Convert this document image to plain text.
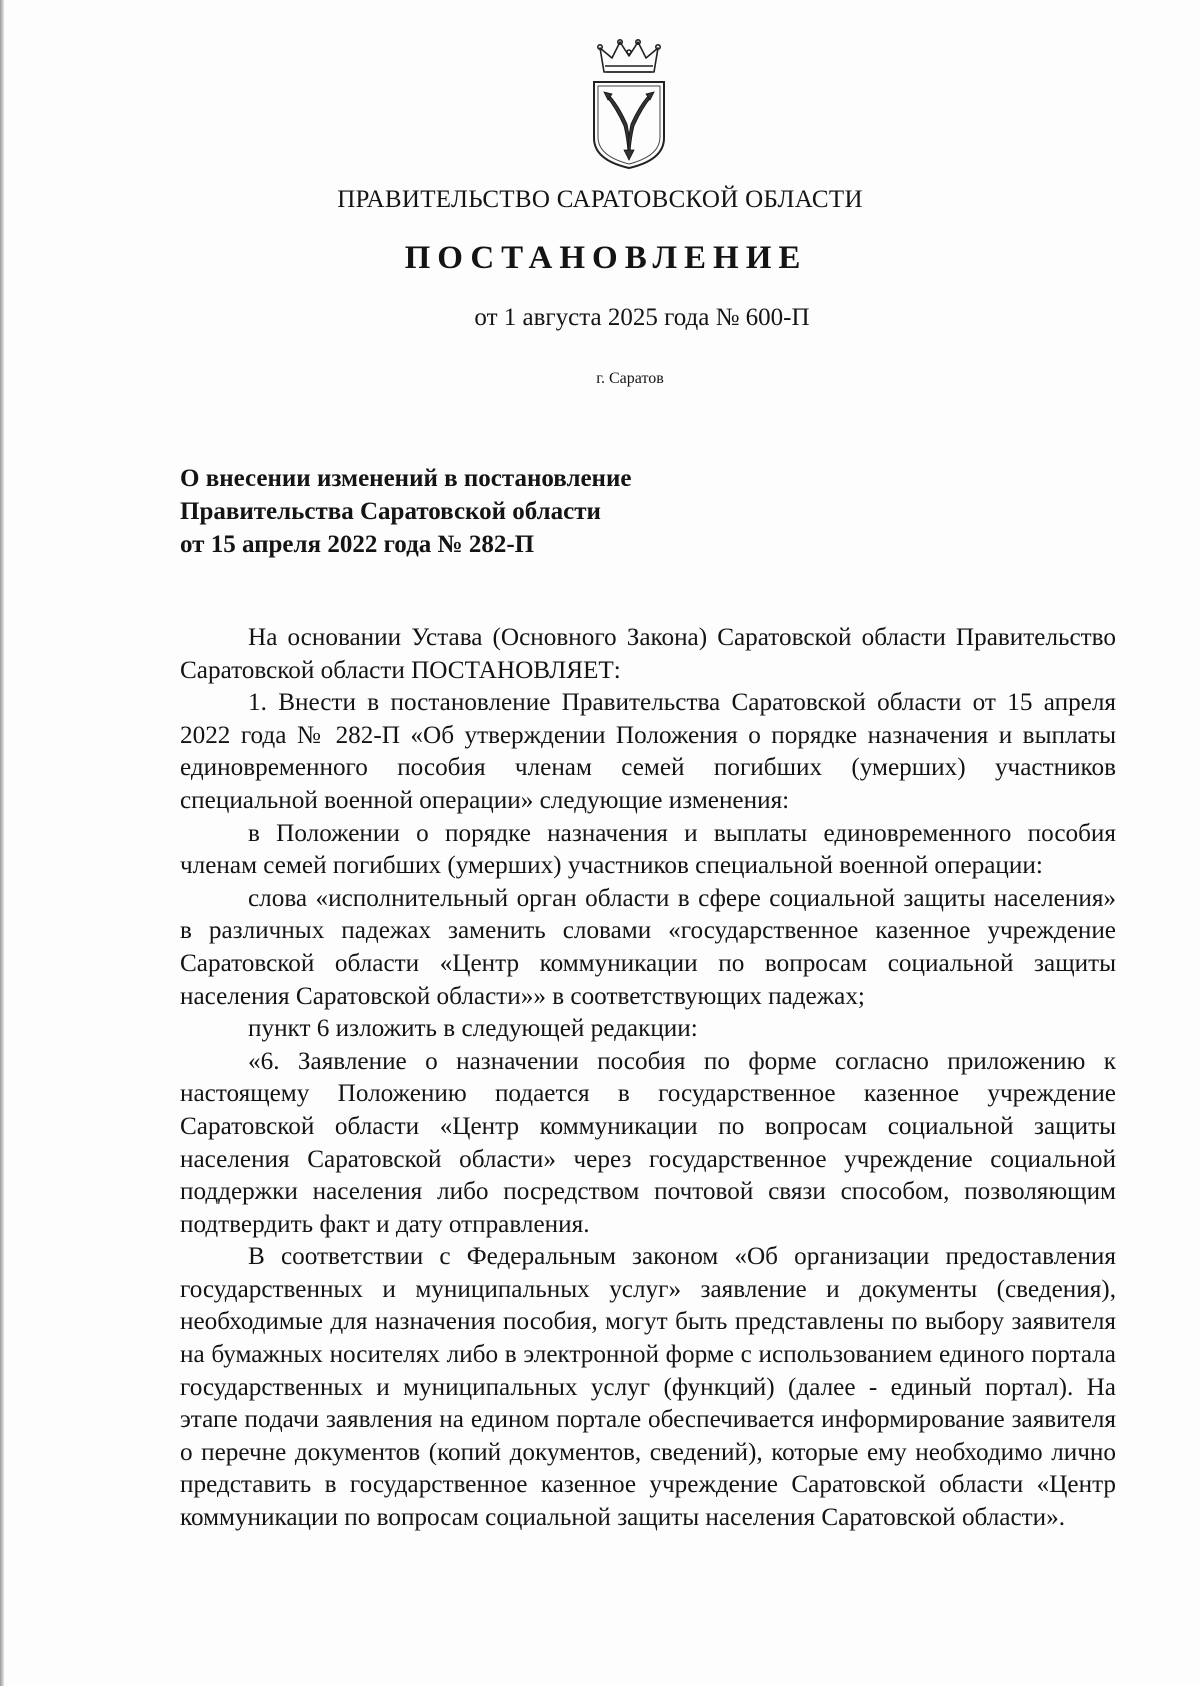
ПРАВИТЕЛЬСТВО САРАТОВСКОЙ ОБЛАСТИ
ПОСТАНОВЛЕНИЕ
от 1 августа 2025 года № 600-П
г. Саратов
О внесении изменений в постановление
Правительства Саратовской области
от 15 апреля 2022 года № 282-П

На основании Устава (Основного Закона) Саратовской области Правительство Саратовской области ПОСТАНОВЛЯЕТ:

1. Внести в постановление Правительства Саратовской области от 15 апреля 2022 года № 282-П «Об утверждении Положения о порядке назначения и выплаты единовременного пособия членам семей погибших (умерших) участников специальной военной операции» следующие изменения:

в Положении о порядке назначения и выплаты единовременного пособия членам семей погибших (умерших) участников специальной военной операции:

слова «исполнительный орган области в сфере социальной защиты населения» в различных падежах заменить словами «государственное казенное учреждение Саратовской области «Центр коммуникации по вопросам социальной защиты населения Саратовской области»» в соответствующих падежах;

пункт 6 изложить в следующей редакции:

«6. Заявление о назначении пособия по форме согласно приложению к настоящему Положению подается в государственное казенное учреждение Саратовской области «Центр коммуникации по вопросам социальной защиты населения Саратовской области» через государственное учреждение социальной поддержки населения либо посредством почтовой связи способом, позволяющим подтвердить факт и дату отправления.

В соответствии с Федеральным законом «Об организации предоставления государственных и муниципальных услуг» заявление и документы (сведения), необходимые для назначения пособия, могут быть представлены по выбору заявителя на бумажных носителях либо в электронной форме с использованием единого портала государственных и муниципальных услуг (функций) (далее - единый портал). На этапе подачи заявления на едином портале обеспечивается информирование заявителя о перечне документов (копий документов, сведений), которые ему необходимо лично представить в государственное казенное учреждение Саратовской области «Центр коммуникации по вопросам социальной защиты населения Саратовской области».
